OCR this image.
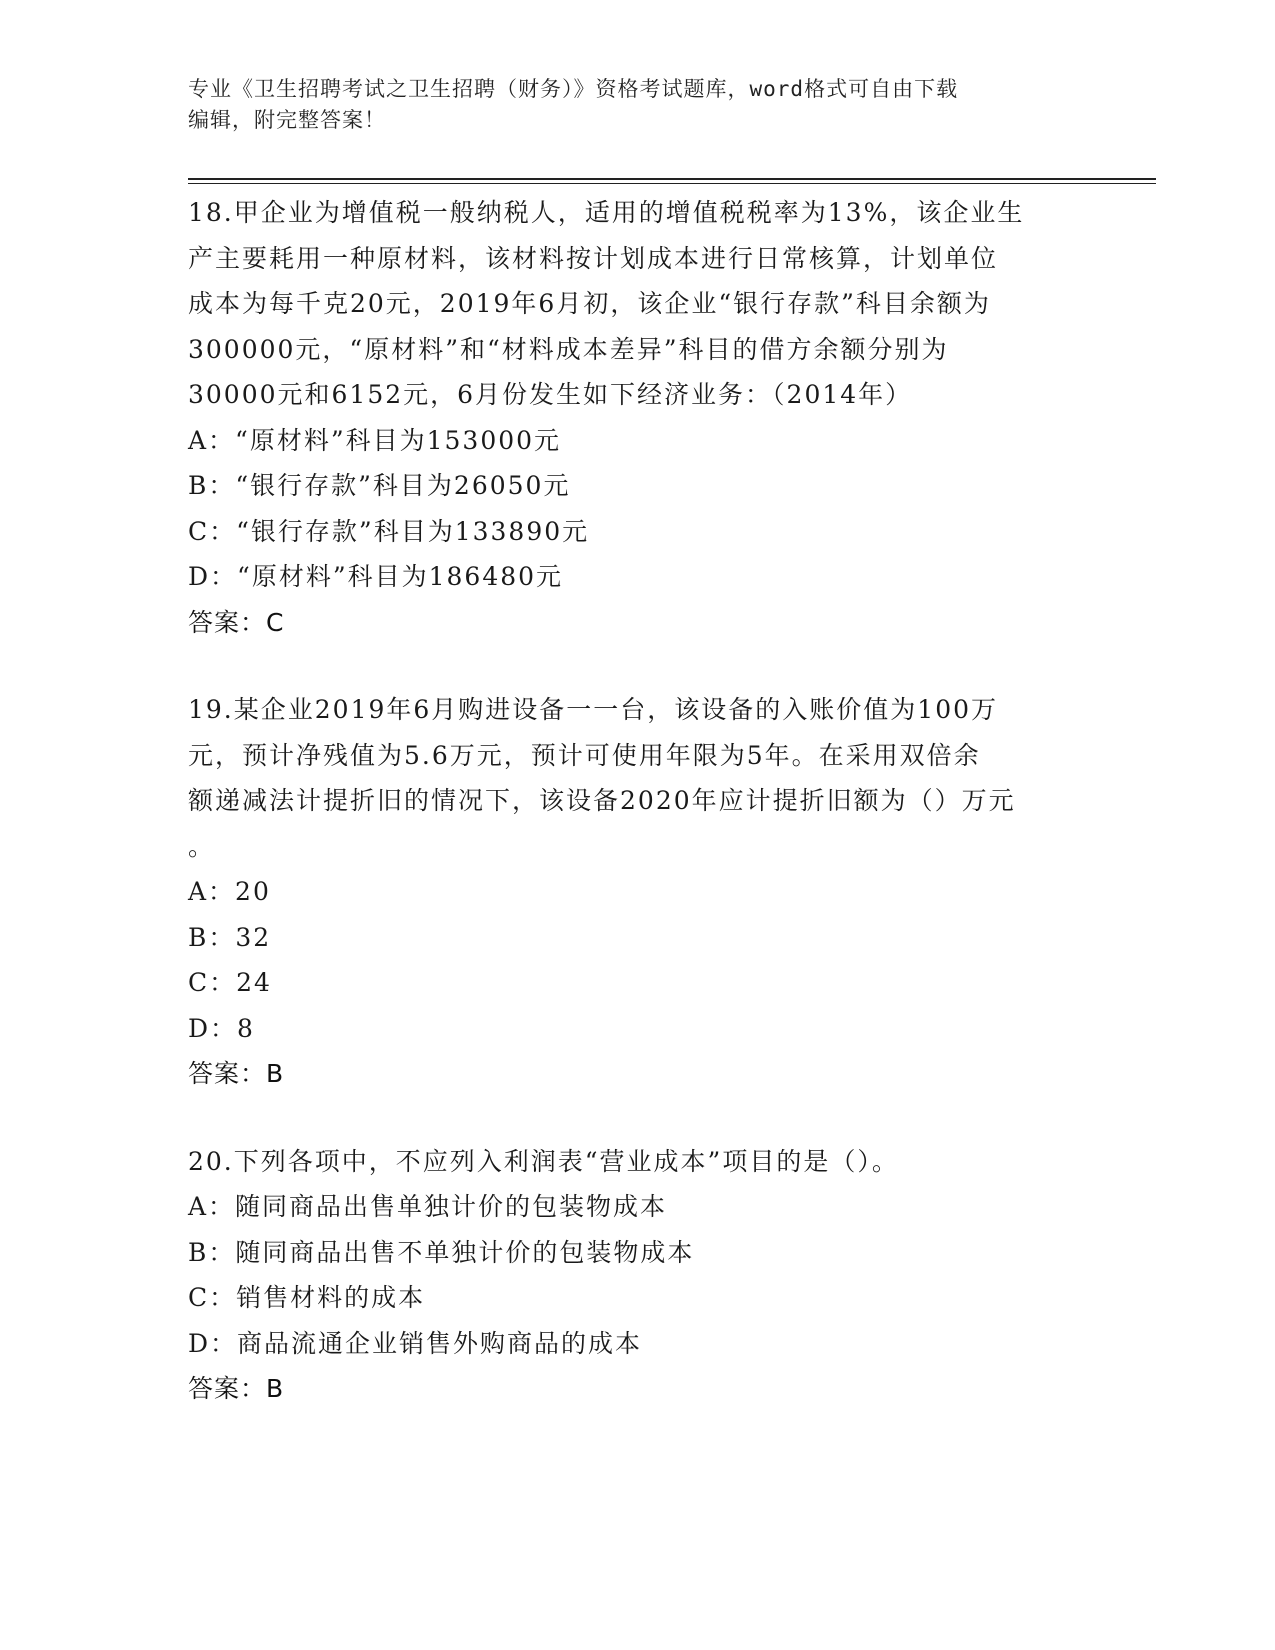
专业《卫生招聘考试之卫生招聘（财务）》资格考试题库，word格式可自由下载
编辑，附完整答案！

18.甲企业为增值税一般纳税人，适用的增值税税率为13%，该企业生

产主要耗用一种原材料，该材料按计划成本进行日常核算，计划单位

成本为每千克20元，2019年6月初，该企业“银行存款”科目余额为

300000元，“原材料”和“材料成本差异”科目的借方余额分别为

30000元和6152元，6月份发生如下经济业务：（2014年）

A：“原材料”科目为153000元

B：“银行存款”科目为26050元

C：“银行存款”科目为133890元

D：“原材料”科目为186480元

答案：C

19.某企业2019年6月购进设备一一台，该设备的入账价值为100万

元，预计净残值为5.6万元，预计可使用年限为5年。在采用双倍余

额递减法计提折旧的情况下，该设备2020年应计提折旧额为（）万元

。

A：20

B：32

C：24

D：8

答案：B

20.下列各项中，不应列入利润表“营业成本”项目的是（）。

A：随同商品出售单独计价的包装物成本

B：随同商品出售不单独计价的包装物成本

C：销售材料的成本

D：商品流通企业销售外购商品的成本

答案：B
